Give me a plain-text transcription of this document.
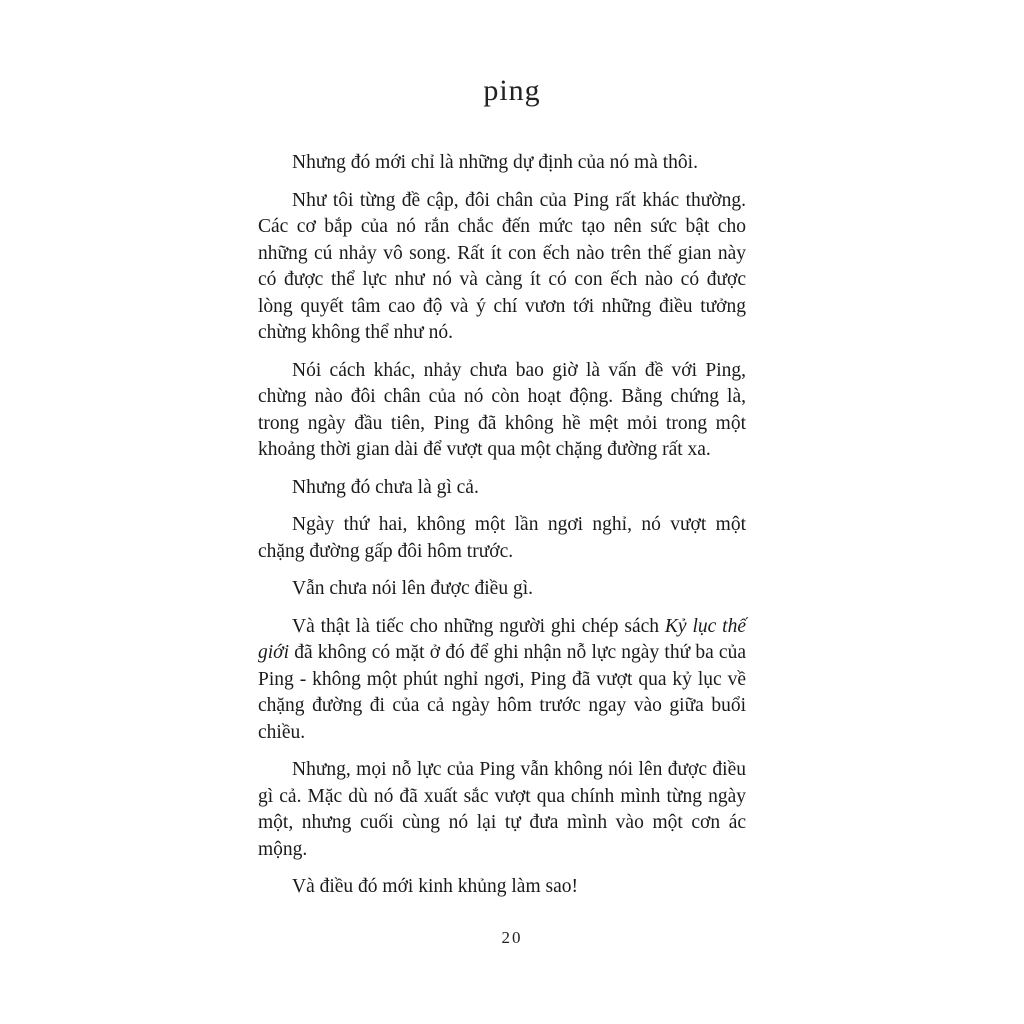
ping

Nhưng đó mới chỉ là những dự định của nó mà thôi.

Như tôi từng đề cập, đôi chân của Ping rất khác thường. Các cơ bắp của nó rắn chắc đến mức tạo nên sức bật cho những cú nhảy vô song. Rất ít con ếch nào trên thế gian này có được thể lực như nó và càng ít có con ếch nào có được lòng quyết tâm cao độ và ý chí vươn tới những điều tưởng chừng không thể như nó.

Nói cách khác, nhảy chưa bao giờ là vấn đề với Ping, chừng nào đôi chân của nó còn hoạt động. Bằng chứng là, trong ngày đầu tiên, Ping đã không hề mệt mỏi trong một khoảng thời gian dài để vượt qua một chặng đường rất xa.

Nhưng đó chưa là gì cả.

Ngày thứ hai, không một lần ngơi nghỉ, nó vượt một chặng đường gấp đôi hôm trước.

Vẫn chưa nói lên được điều gì.

Và thật là tiếc cho những người ghi chép sách Kỷ lục thế giới đã không có mặt ở đó để ghi nhận nỗ lực ngày thứ ba của Ping - không một phút nghỉ ngơi, Ping đã vượt qua kỷ lục về chặng đường đi của cả ngày hôm trước ngay vào giữa buổi chiều.

Nhưng, mọi nỗ lực của Ping vẫn không nói lên được điều gì cả. Mặc dù nó đã xuất sắc vượt qua chính mình từng ngày một, nhưng cuối cùng nó lại tự đưa mình vào một cơn ác mộng.

Và điều đó mới kinh khủng làm sao!

20
